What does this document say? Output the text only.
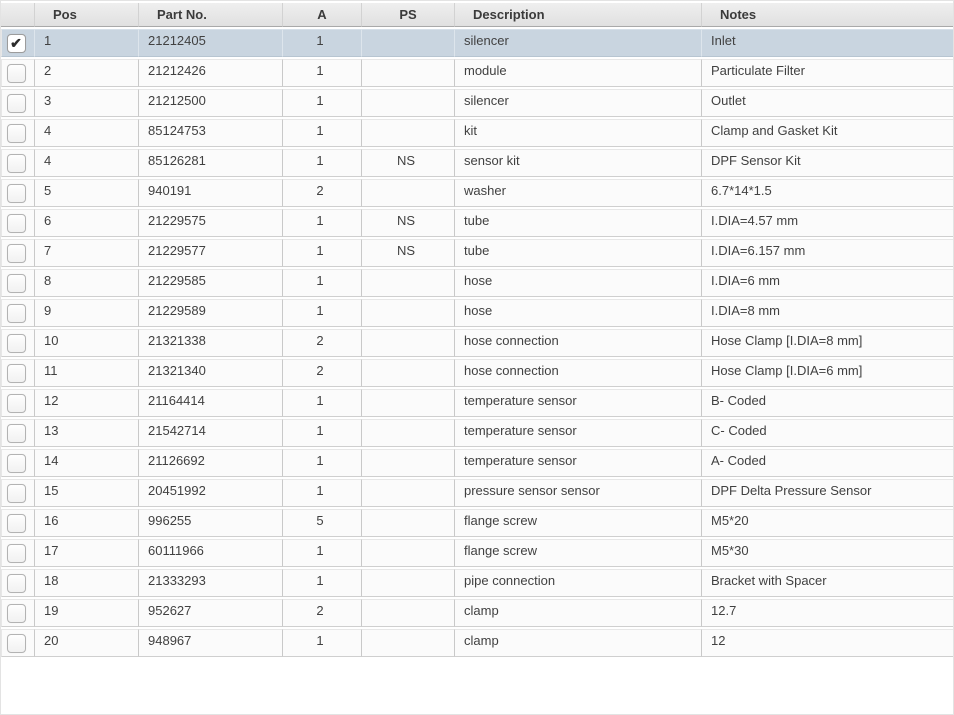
	Pos	Part No.	A	PS	Description	Notes

✔	1	21212405	1		silencer	Inlet

	2	21212426	1		module	Particulate Filter

	3	21212500	1		silencer	Outlet

	4	85124753	1		kit	Clamp and Gasket Kit

	4	85126281	1	NS	sensor kit	DPF Sensor Kit

	5	940191	2		washer	6.7*14*1.5

	6	21229575	1	NS	tube	I.DIA=4.57 mm

	7	21229577	1	NS	tube	I.DIA=6.157 mm

	8	21229585	1		hose	I.DIA=6 mm

	9	21229589	1		hose	I.DIA=8 mm

	10	21321338	2		hose connection	Hose Clamp [I.DIA=8 mm]

	11	21321340	2		hose connection	Hose Clamp [I.DIA=6 mm]

	12	21164414	1		temperature sensor	B- Coded

	13	21542714	1		temperature sensor	C- Coded

	14	21126692	1		temperature sensor	A- Coded

	15	20451992	1		pressure sensor sensor	DPF Delta Pressure Sensor

	16	996255	5		flange screw	M5*20

	17	60111966	1		flange screw	M5*30

	18	21333293	1		pipe connection	Bracket with Spacer

	19	952627	2		clamp	12.7

	20	948967	1		clamp	12
